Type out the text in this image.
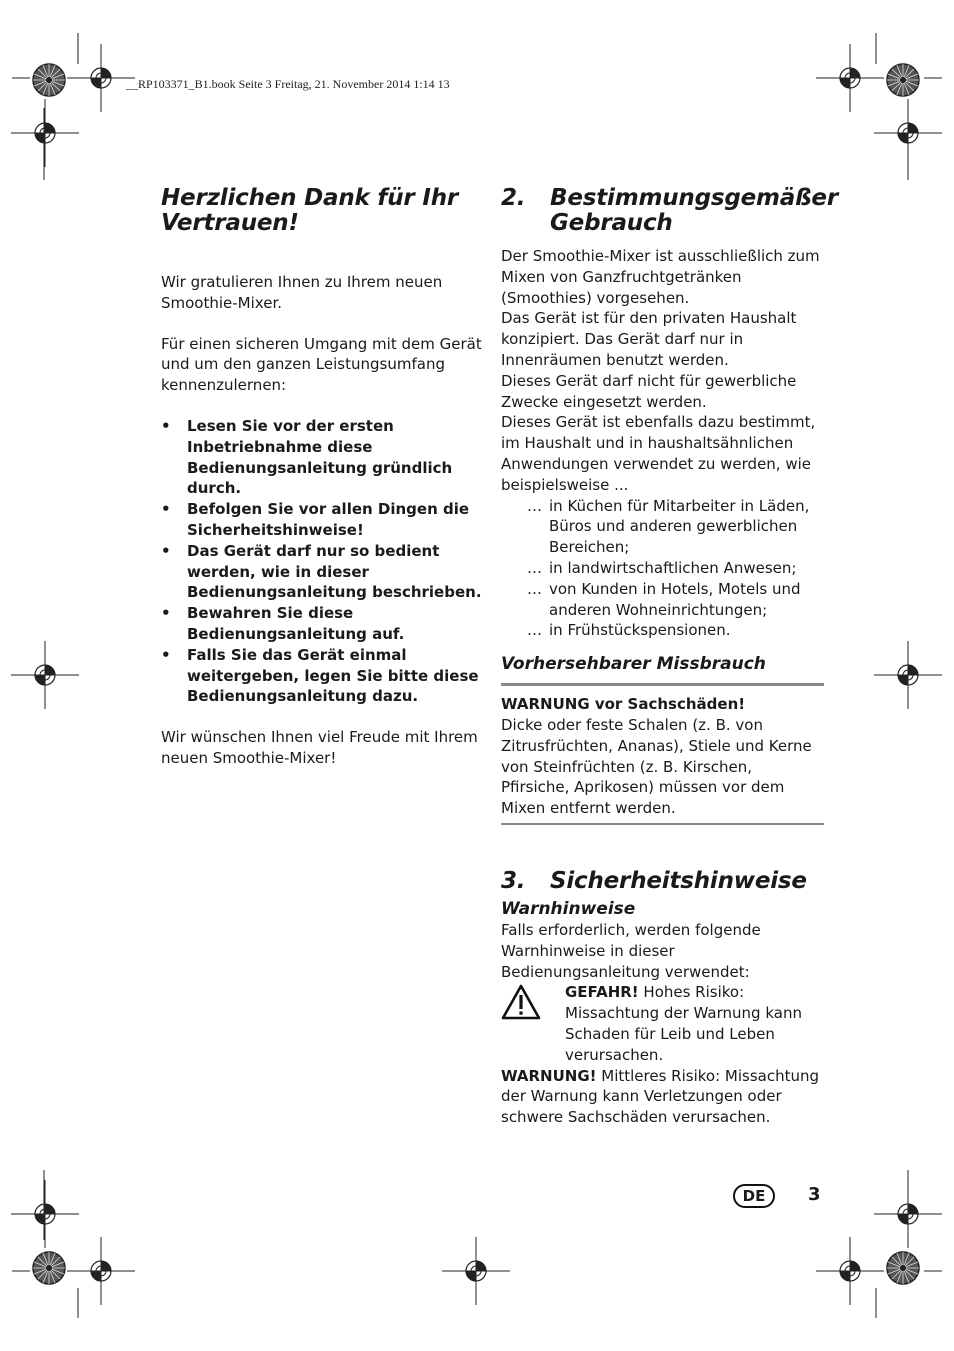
__RP103371_B1.book Seite 3 Freitag, 21. November 2014 1:14 13
Herzlichen Dank für Ihr Vertrauen!

Wir gratulieren Ihnen zu Ihrem neuen Smoothie-Mixer.

Für einen sicheren Umgang mit dem Gerät und um den ganzen Leistungsumfang kennenzulernen:

• Lesen Sie vor der ersten Inbetriebnahme diese Bedienungsanleitung gründlich durch.
• Befolgen Sie vor allen Dingen die Sicherheitshinweise!
• Das Gerät darf nur so bedient werden, wie in dieser Bedienungsanleitung beschrieben.
• Bewahren Sie diese Bedienungsanleitung auf.
• Falls Sie das Gerät einmal weitergeben, legen Sie bitte diese Bedienungsanleitung dazu.

Wir wünschen Ihnen viel Freude mit Ihrem neuen Smoothie-Mixer!

2. Bestimmungsgemäßer Gebrauch

Der Smoothie-Mixer ist ausschließlich zum Mixen von Ganzfruchtgetränken (Smoothies) vorgesehen.

Das Gerät ist für den privaten Haushalt konzipiert. Das Gerät darf nur in Innenräumen benutzt werden.

Dieses Gerät darf nicht für gewerbliche Zwecke eingesetzt werden.

Dieses Gerät ist ebenfalls dazu bestimmt, im Haushalt und in haushaltsähnlichen Anwendungen verwendet zu werden, wie beispielsweise ...

… in Küchen für Mitarbeiter in Läden, Büros und anderen gewerblichen Bereichen;
… in landwirtschaftlichen Anwesen;
… von Kunden in Hotels, Motels und anderen Wohneinrichtungen;
… in Frühstückspensionen.
Vorhersehbarer Missbrauch
WARNUNG vor Sachschäden!

Dicke oder feste Schalen (z. B. von Zitrusfrüchten, Ananas), Stiele und Kerne von Steinfrüchten (z. B. Kirschen, Pfirsiche, Aprikosen) müssen vor dem Mixen entfernt werden.

3. Sicherheitshinweise
Warnhinweise

Falls erforderlich, werden folgende Warnhinweise in dieser Bedienungsanleitung verwendet:

GEFAHR! Hohes Risiko: Missachtung der Warnung kann Schaden für Leib und Leben verursachen.

WARNUNG! Mittleres Risiko: Missachtung der Warnung kann Verletzungen oder schwere Sachschäden verursachen.

DE	3
